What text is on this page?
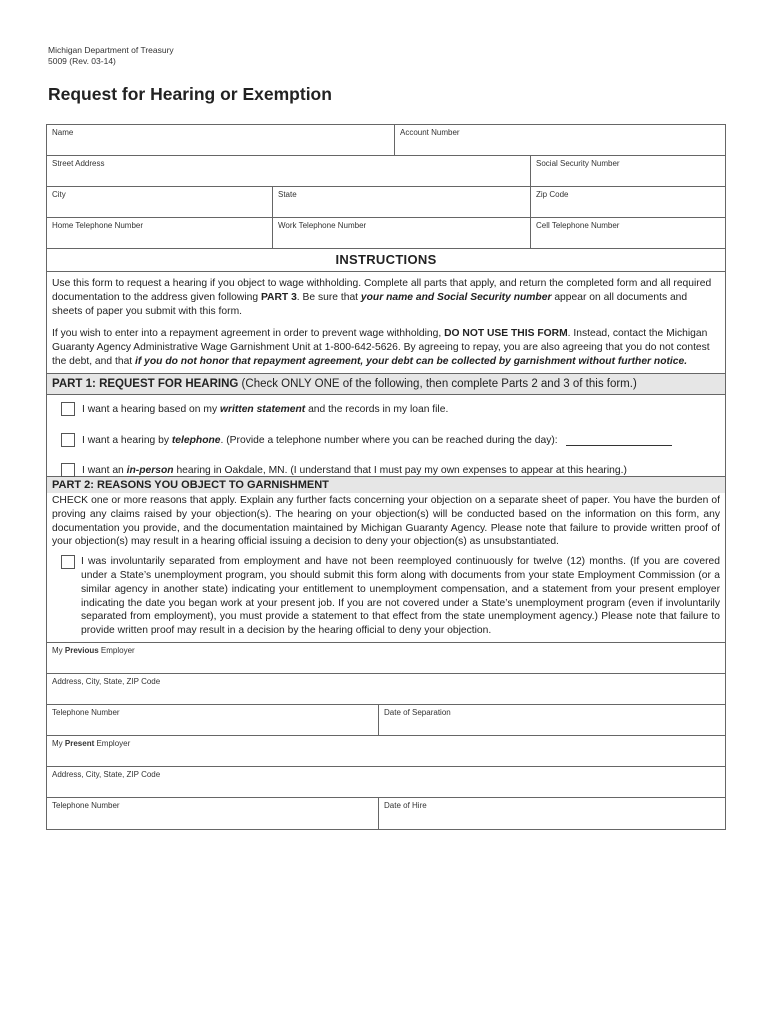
Michigan Department of Treasury
5009 (Rev. 03-14)
Request for Hearing or Exemption
Name	Account Number
Street Address	Social Security Number
City	State	Zip Code
Home Telephone Number	Work Telephone Number	Cell Telephone Number
INSTRUCTIONS

Use this form to request a hearing if you object to wage withholding. Complete all parts that apply, and return the completed form and all required documentation to the address given following PART 3. Be sure that your name and Social Security number appear on all documents and sheets of paper you submit with this form.

If you wish to enter into a repayment agreement in order to prevent wage withholding, DO NOT USE THIS FORM. Instead, contact the Michigan Guaranty Agency Administrative Wage Garnishment Unit at 1-800-642-5626. By agreeing to repay, you are also agreeing that you do not contest the debt, and that if you do not honor that repayment agreement, your debt can be collected by garnishment without further notice.

PART 1: REQUEST FOR HEARING (Check ONLY ONE of the following, then complete Parts 2 and 3 of this form.)
I want a hearing based on my written statement and the records in my loan file.
I want a hearing by telephone. (Provide a telephone number where you can be reached during the day):
I want an in-person hearing in Oakdale, MN. (I understand that I must pay my own expenses to appear at this hearing.)
PART 2: REASONS YOU OBJECT TO GARNISHMENT

CHECK one or more reasons that apply. Explain any further facts concerning your objection on a separate sheet of paper. You have the burden of proving any claims raised by your objection(s). The hearing on your objection(s) will be conducted based on the information on this form, any documentation you provide, and the documentation maintained by Michigan Guaranty Agency. Please note that failure to provide written proof of your objection(s) may result in a hearing official issuing a decision to deny your objection(s) as unsubstantiated.

I was involuntarily separated from employment and have not been reemployed continuously for twelve (12) months. (If you are covered under a State’s unemployment program, you should submit this form along with documents from your state Employment Commission (or a similar agency in another state) indicating your entitlement to unemployment compensation, and a statement from your present employer indicating the date you began work at your present job. If you are not covered under a State’s unemployment program (even if involuntarily separated from employment), you must provide a statement to that effect from the state unemployment agency.) Please note that failure to provide written proof may result in a decision by the hearing official to deny your objection.
My Previous Employer
Address, City, State, ZIP Code
Telephone Number	Date of Separation
My Present Employer
Address, City, State, ZIP Code
Telephone Number	Date of Hire
